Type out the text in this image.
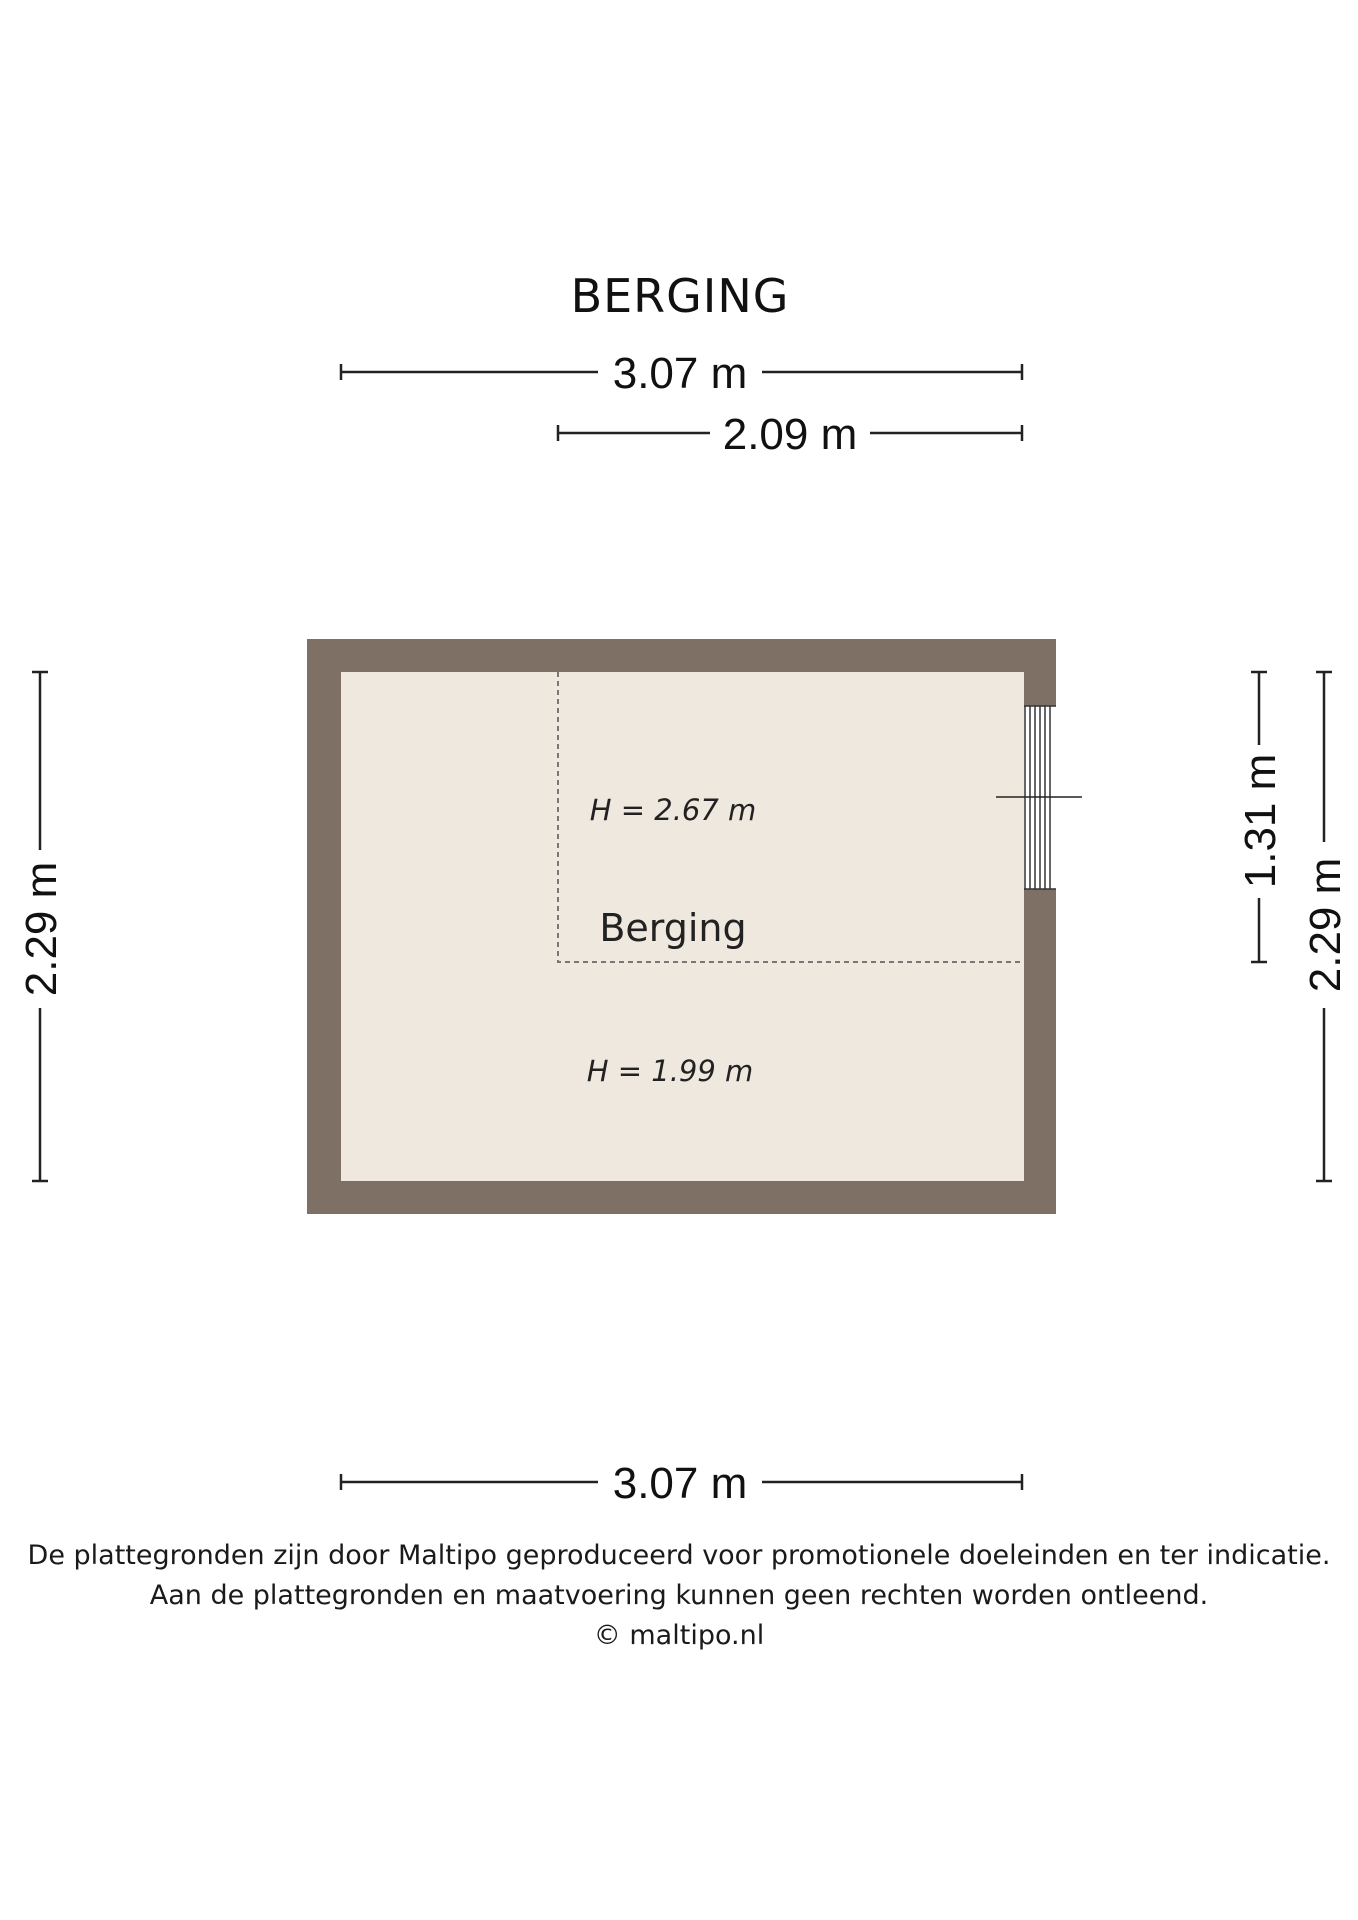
BERGING
3.07 m
2.09 m
H = 2.67 m
Berging
H = 1.99 m
2.29 m
1.31 m
2.29 m
3.07 m
De plattegronden zijn door Maltipo geproduceerd voor promotionele doeleinden en ter indicatie.
Aan de plattegronden en maatvoering kunnen geen rechten worden ontleend.
© maltipo.nl
